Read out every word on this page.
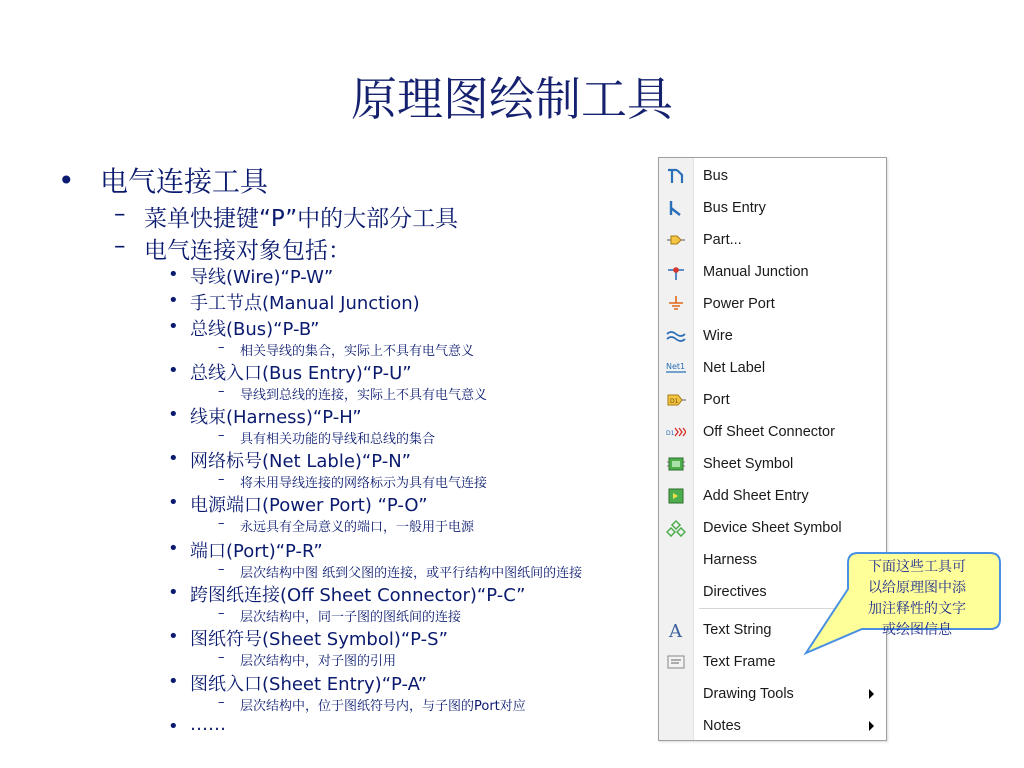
原理图绘制工具
• 电气连接工具
– 菜单快捷键“P”中的大部分工具
– 电气连接对象包括：
• 导线(Wire)“P-W”
• 手工节点(Manual Junction)
• 总线(Bus)“P-B”
– 相关导线的集合，实际上不具有电气意义
• 总线入口(Bus Entry)“P-U”
– 导线到总线的连接，实际上不具有电气意义
• 线束(Harness)“P-H”
– 具有相关功能的导线和总线的集合
• 网络标号(Net Lable)“P-N”
– 将未用导线连接的网络标示为具有电气连接
• 电源端口(Power Port) “P-O”
– 永远具有全局意义的端口，一般用于电源
• 端口(Port)“P-R”
– 层次结构中图 纸到父图的连接，或平行结构中图纸间的连接
• 跨图纸连接(Off Sheet Connector)“P-C”
– 层次结构中，同一子图的图纸间的连接
• 图纸符号(Sheet Symbol)“P-S”
– 层次结构中，对子图的引用
• 图纸入口(Sheet Entry)“P-A”
– 层次结构中，位于图纸符号内，与子图的Port对应
• ……
Bus
Bus Entry
Part...
Manual Junction
Power Port
Wire
Net1 Net Label
D1 Port
D1 Off Sheet Connector
Sheet Symbol
Add Sheet Entry
Device Sheet Symbol
Harness
Directives
A Text String
Text Frame
Drawing Tools
Notes
下面这些工具可
以给原理图中添
加注释性的文字
或绘图信息
